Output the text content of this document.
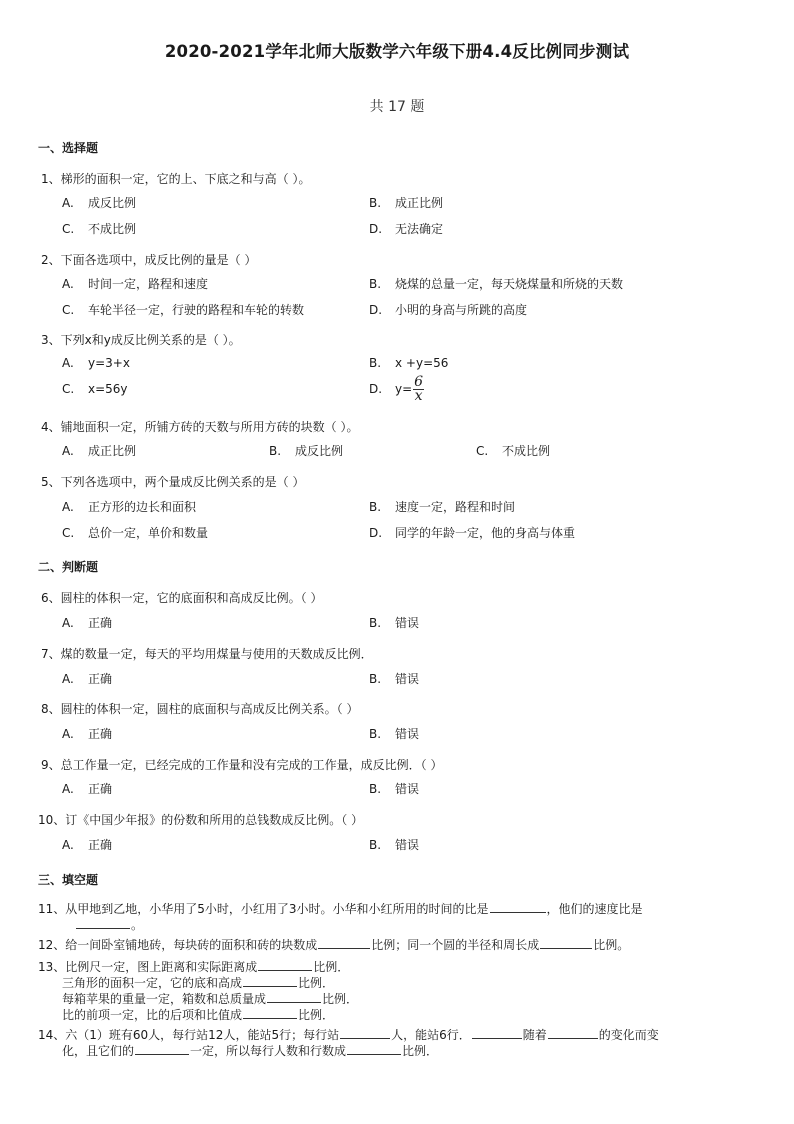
2020-2021学年北师大版数学六年级下册4.4反比例同步测试
共 17 题
一、选择题
1、梯形的面积一定，它的上、下底之和与高（ ）。
A. 成反比例	B. 成正比例
C. 不成比例	D. 无法确定
2、下面各选项中，成反比例的量是（ ）
A. 时间一定，路程和速度	B. 烧煤的总量一定，每天烧煤量和所烧的天数
C. 车轮半径一定，行驶的路程和车轮的转数	D. 小明的身高与所跳的高度
3、下列x和y成反比例关系的是（ ）。
A. y=3+x	B. x +y=56
C. x=56y	D. $y= \frac{6}{x}$
4、铺地面积一定，所铺方砖的天数与所用方砖的块数（ ）。
A. 成正比例	B. 成反比例	C. 不成比例
5、下列各选项中，两个量成反比例关系的是（ ）
A. 正方形的边长和面积	B. 速度一定，路程和时间
C. 总价一定，单价和数量	D. 同学的年龄一定，他的身高与体重
二、判断题
6、圆柱的体积一定，它的底面积和高成反比例。（ ）
A. 正确	B. 错误
7、煤的数量一定，每天的平均用煤量与使用的天数成反比例．
A. 正确	B. 错误
8、圆柱的体积一定，圆柱的底面积与高成反比例关系。（ ）
A. 正确	B. 错误
9、总工作量一定，已经完成的工作量和没有完成的工作量，成反比例．（ ）
A. 正确	B. 错误
10、订《中国少年报》的份数和所用的总钱数成反比例。（ ）
A. 正确	B. 错误
三、填空题
11、从甲地到乙地，小华用了5小时，小红用了3小时。小华和小红所用的时间的比是	，他们的速度比是
。
12、给一间卧室铺地砖，每块砖的面积和砖的块数成	比例；同一个圆的半径和周长成	比例。
13、比例尺一定，图上距离和实际距离成	比例．
三角形的面积一定，它的底和高成	比例．
每箱苹果的重量一定，箱数和总质量成	比例．
比的前项一定，比的后项和比值成	比例．
14、六（1）班有60人，每行站12人，能站5行；每行站	人，能站6行．	随着	的变化而变
化，且它们的	一定，所以每行人数和行数成	比例．
